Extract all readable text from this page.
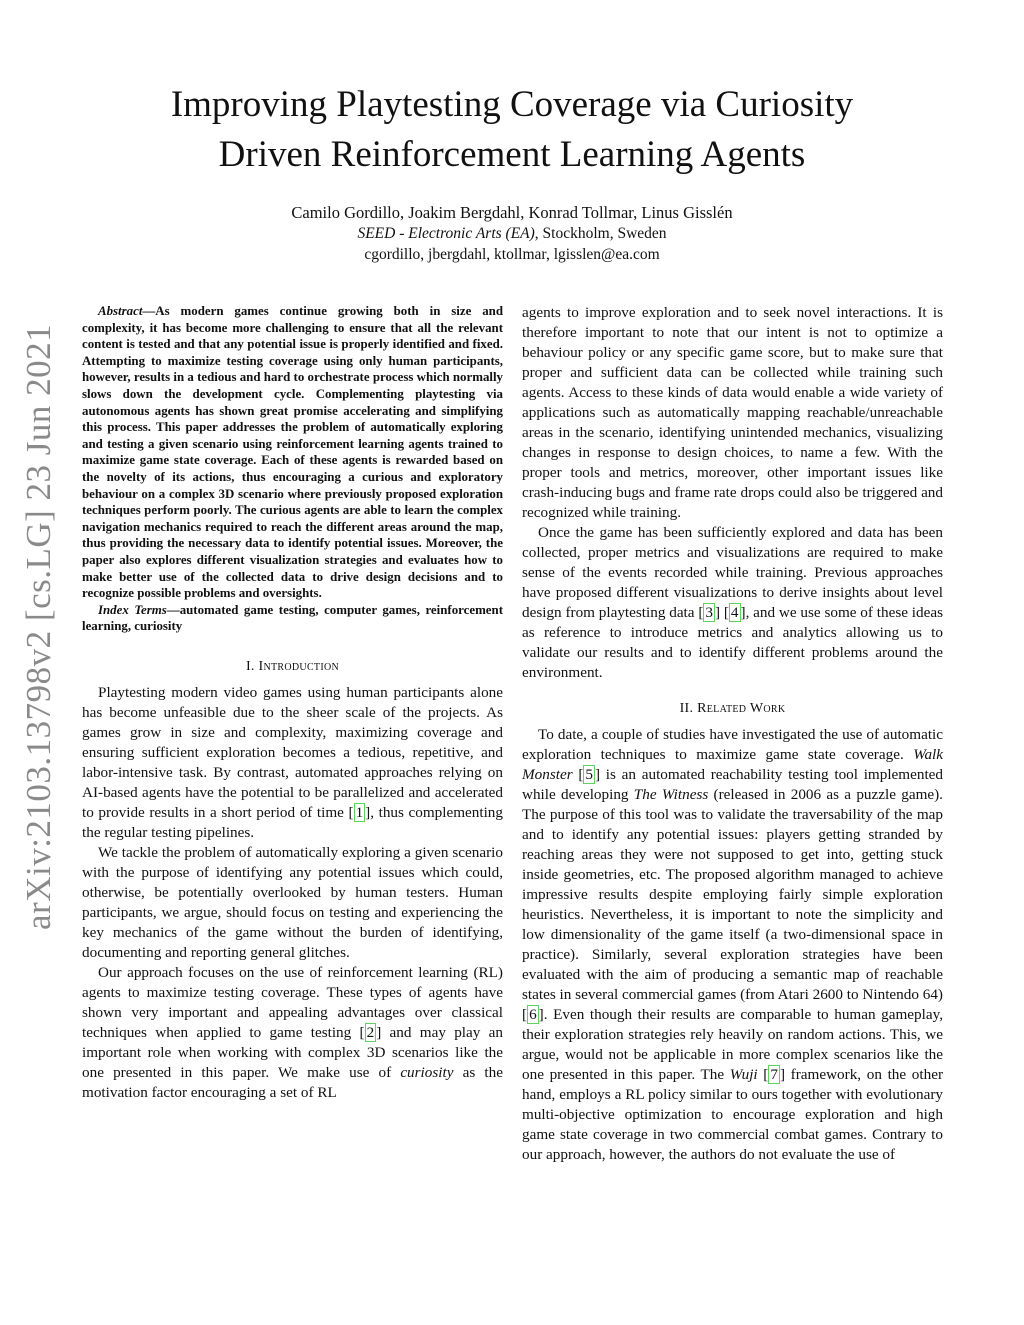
arXiv:2103.13798v2 [cs.LG] 23 Jun 2021
Improving Playtesting Coverage via Curiosity
Driven Reinforcement Learning Agents
Camilo Gordillo, Joakim Bergdahl, Konrad Tollmar, Linus Gisslén
SEED - Electronic Arts (EA), Stockholm, Sweden
cgordillo, jbergdahl, ktollmar, lgisslen@ea.com

Abstract—As modern games continue growing both in size and complexity, it has become more challenging to ensure that all the relevant content is tested and that any potential issue is properly identified and fixed. Attempting to maximize testing coverage using only human participants, however, results in a tedious and hard to orchestrate process which normally slows down the development cycle. Complementing playtesting via autonomous agents has shown great promise accelerating and simplifying this process. This paper addresses the problem of automatically exploring and testing a given scenario using reinforcement learning agents trained to maximize game state coverage. Each of these agents is rewarded based on the novelty of its actions, thus encouraging a curious and exploratory behaviour on a complex 3D scenario where previously proposed exploration techniques perform poorly. The curious agents are able to learn the complex navigation mechanics required to reach the different areas around the map, thus providing the necessary data to identify potential issues. Moreover, the paper also explores different visualization strategies and evaluates how to make better use of the collected data to drive design decisions and to recognize possible problems and oversights.

Index Terms—automated game testing, computer games, reinforcement learning, curiosity

I. Introduction

Playtesting modern video games using human participants alone has become unfeasible due to the sheer scale of the projects. As games grow in size and complexity, maximizing coverage and ensuring sufficient exploration becomes a tedious, repetitive, and labor-intensive task. By contrast, automated approaches relying on AI-based agents have the potential to be parallelized and accelerated to provide results in a short period of time [ 1 ], thus complementing the regular testing pipelines.

We tackle the problem of automatically exploring a given scenario with the purpose of identifying any potential issues which could, otherwise, be potentially overlooked by human testers. Human participants, we argue, should focus on testing and experiencing the key mechanics of the game without the burden of identifying, documenting and reporting general glitches.

Our approach focuses on the use of reinforcement learning (RL) agents to maximize testing coverage. These types of agents have shown very important and appealing advantages over classical techniques when applied to game testing [ 2 ] and may play an important role when working with complex 3D scenarios like the one presented in this paper. We make use of curiosity as the motivation factor encouraging a set of RL

agents to improve exploration and to seek novel interactions. It is therefore important to note that our intent is not to optimize a behaviour policy or any specific game score, but to make sure that proper and sufficient data can be collected while training such agents. Access to these kinds of data would enable a wide variety of applications such as automatically mapping reachable/unreachable areas in the scenario, identifying unintended mechanics, visualizing changes in response to design choices, to name a few. With the proper tools and metrics, moreover, other important issues like crash-inducing bugs and frame rate drops could also be triggered and recognized while training.

Once the game has been sufficiently explored and data has been collected, proper metrics and visualizations are required to make sense of the events recorded while training. Previous approaches have proposed different visualizations to derive insights about level design from playtesting data [ 3 ] [ 4 ], and we use some of these ideas as reference to introduce metrics and analytics allowing us to validate our results and to identify different problems around the environment.

II. Related Work

To date, a couple of studies have investigated the use of automatic exploration techniques to maximize game state coverage. Walk Monster [ 5 ] is an automated reachability testing tool implemented while developing The Witness (released in 2006 as a puzzle game). The purpose of this tool was to validate the traversability of the map and to identify any potential issues: players getting stranded by reaching areas they were not supposed to get into, getting stuck inside geometries, etc. The proposed algorithm managed to achieve impressive results despite employing fairly simple exploration heuristics. Nevertheless, it is important to note the simplicity and low dimensionality of the game itself (a two-dimensional space in practice). Similarly, several exploration strategies have been evaluated with the aim of producing a semantic map of reachable states in several commercial games (from Atari 2600 to Nintendo 64) [ 6 ]. Even though their results are comparable to human gameplay, their exploration strategies rely heavily on random actions. This, we argue, would not be applicable in more complex scenarios like the one presented in this paper. The Wuji [ 7 ] framework, on the other hand, employs a RL policy similar to ours together with evolutionary multi-objective optimization to encourage exploration and high game state coverage in two commercial combat games. Contrary to our approach, however, the authors do not evaluate the use of
